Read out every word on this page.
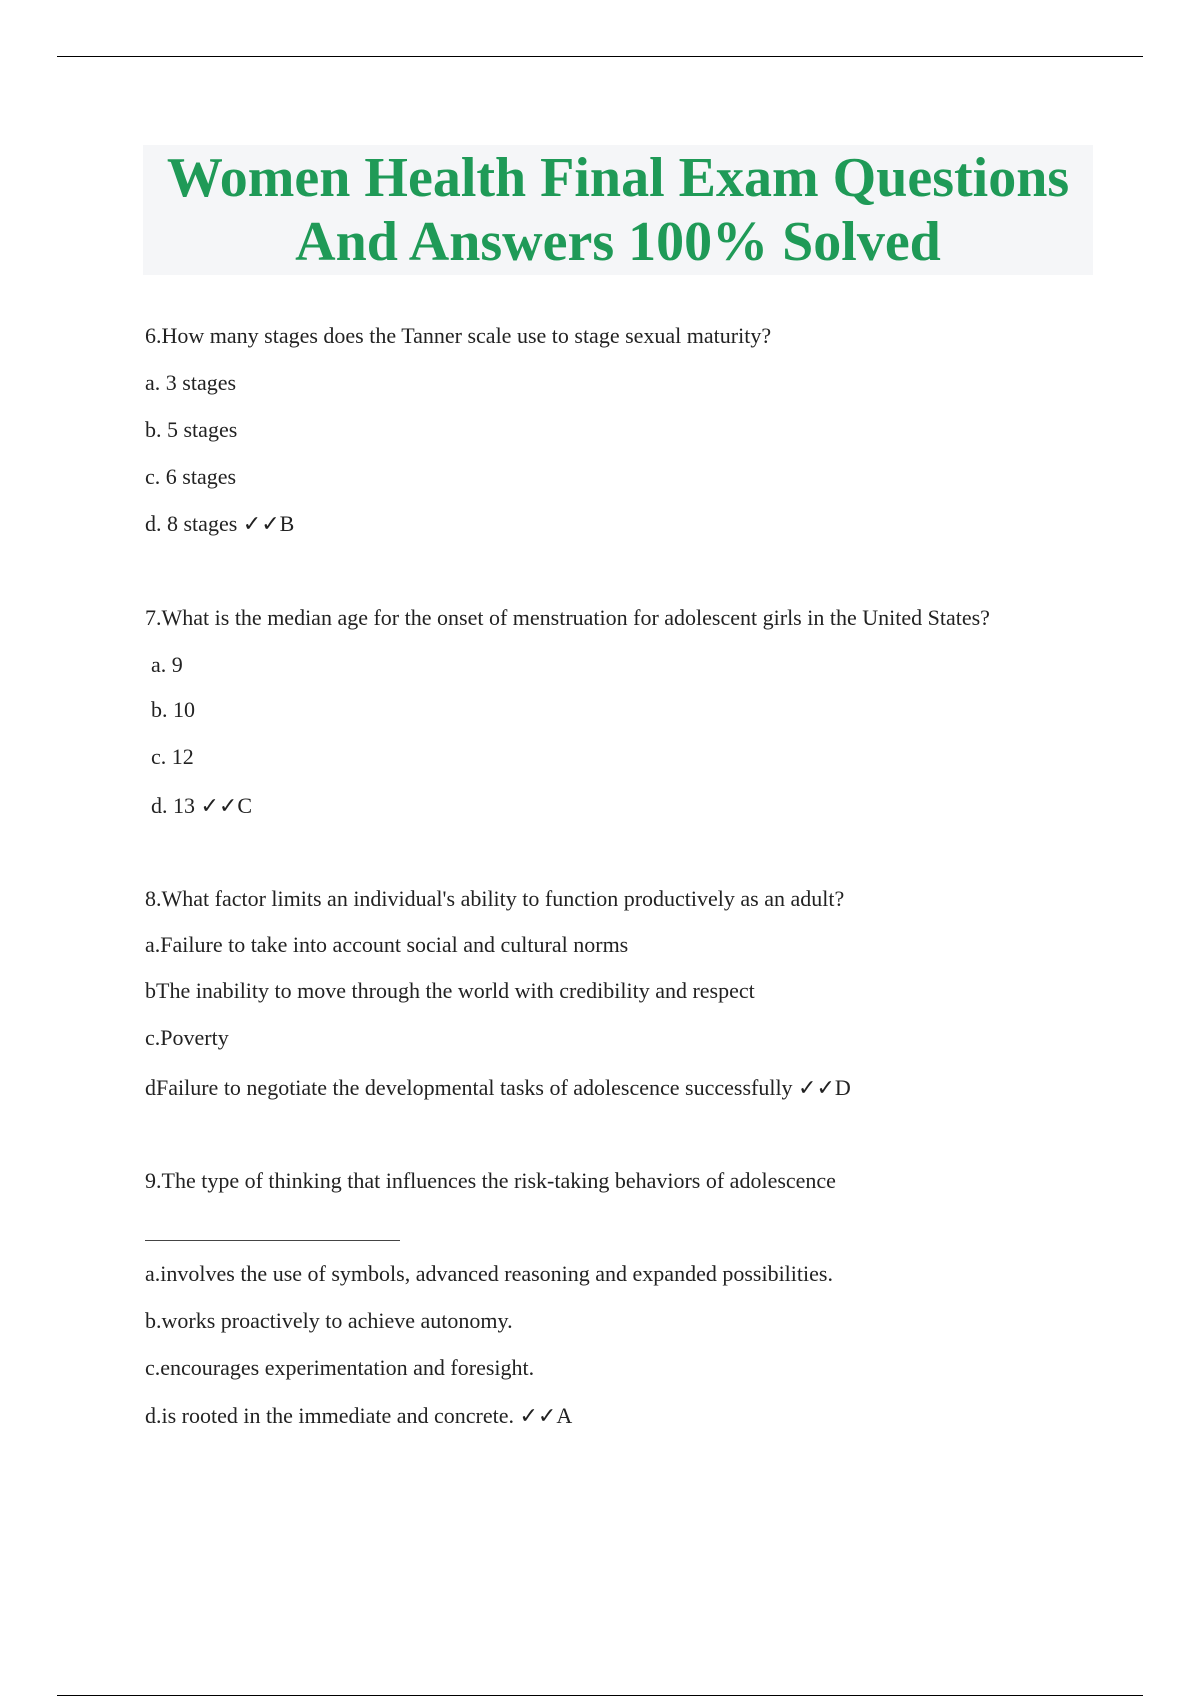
Women Health Final Exam Questions
And Answers 100% Solved
6.How many stages does the Tanner scale use to stage sexual maturity?
a. 3 stages
b. 5 stages
c. 6 stages
d. 8 stages ✓✓B
7.What is the median age for the onset of menstruation for adolescent girls in the United States?
a. 9
b. 10
c. 12
d. 13 ✓✓C
8.What factor limits an individual's ability to function productively as an adult?
a.Failure to take into account social and cultural norms
bThe inability to move through the world with credibility and respect
c.Poverty
dFailure to negotiate the developmental tasks of adolescence successfully ✓✓D
9.The type of thinking that influences the risk-taking behaviors of adolescence
a.involves the use of symbols, advanced reasoning and expanded possibilities.
b.works proactively to achieve autonomy.
c.encourages experimentation and foresight.
d.is rooted in the immediate and concrete. ✓✓A
